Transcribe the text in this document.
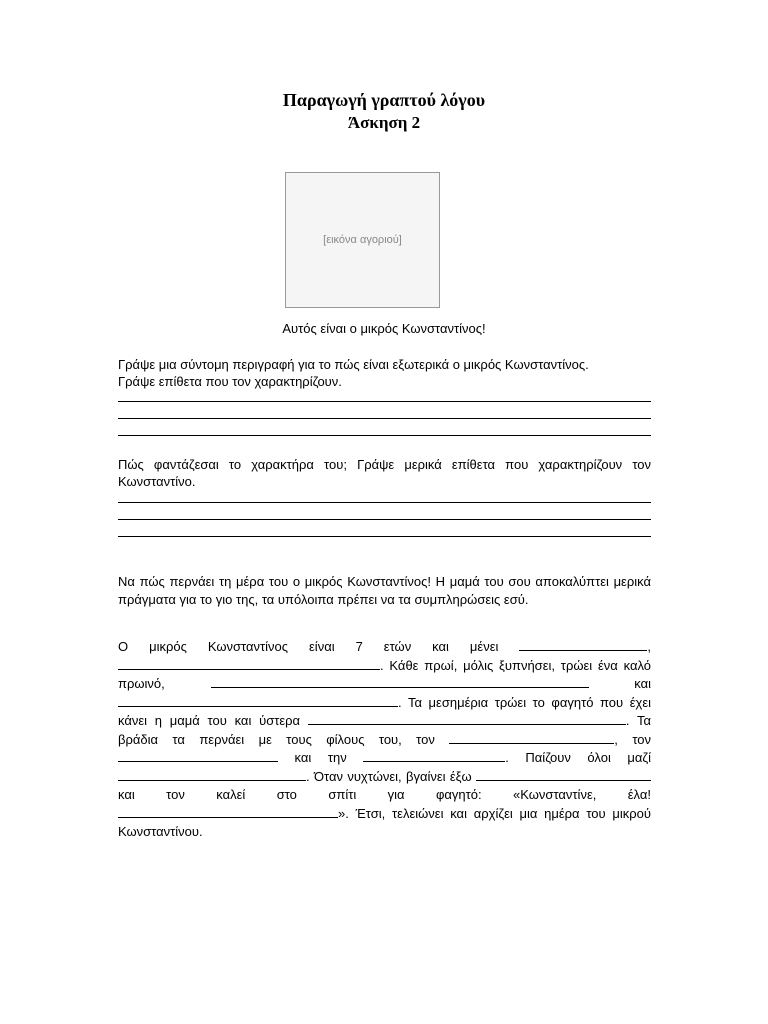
Παραγωγή γραπτού λόγου
Άσκηση 2
[εικόνα αγοριού]
Αυτός είναι ο μικρός Κωνσταντίνος!
Γράψε μια σύντομη περιγραφή για το πώς είναι εξωτερικά ο μικρός Κωνσταντίνος.
Γράψε επίθετα που τον χαρακτηρίζουν.
Πώς φαντάζεσαι το χαρακτήρα του; Γράψε μερικά επίθετα που χαρακτηρίζουν τον Κωνσταντίνο.
Να πώς περνάει τη μέρα του ο μικρός Κωνσταντίνος! Η μαμά του σου αποκαλύπτει μερικά πράγματα για το γιο της, τα υπόλοιπα πρέπει να τα συμπληρώσεις εσύ.
Ο μικρός Κωνσταντίνος είναι 7 ετών και μένει	, . Κάθε πρωί, μόλις ξυπνήσει, τρώει ένα καλό πρωινό,	και . Τα μεσημέρια τρώει το φαγητό που έχει κάνει η μαμά του και ύστερα	. Τα βράδια τα περνάει με τους φίλους του, τον	, τον  και την	. Παίζουν όλοι μαζί . Όταν νυχτώνει, βγαίνει έξω  και τον καλεί στο σπίτι για φαγητό: «Κωνσταντίνε, έλα! ». Έτσι, τελειώνει και αρχίζει μια ημέρα του μικρού Κωνσταντίνου.
